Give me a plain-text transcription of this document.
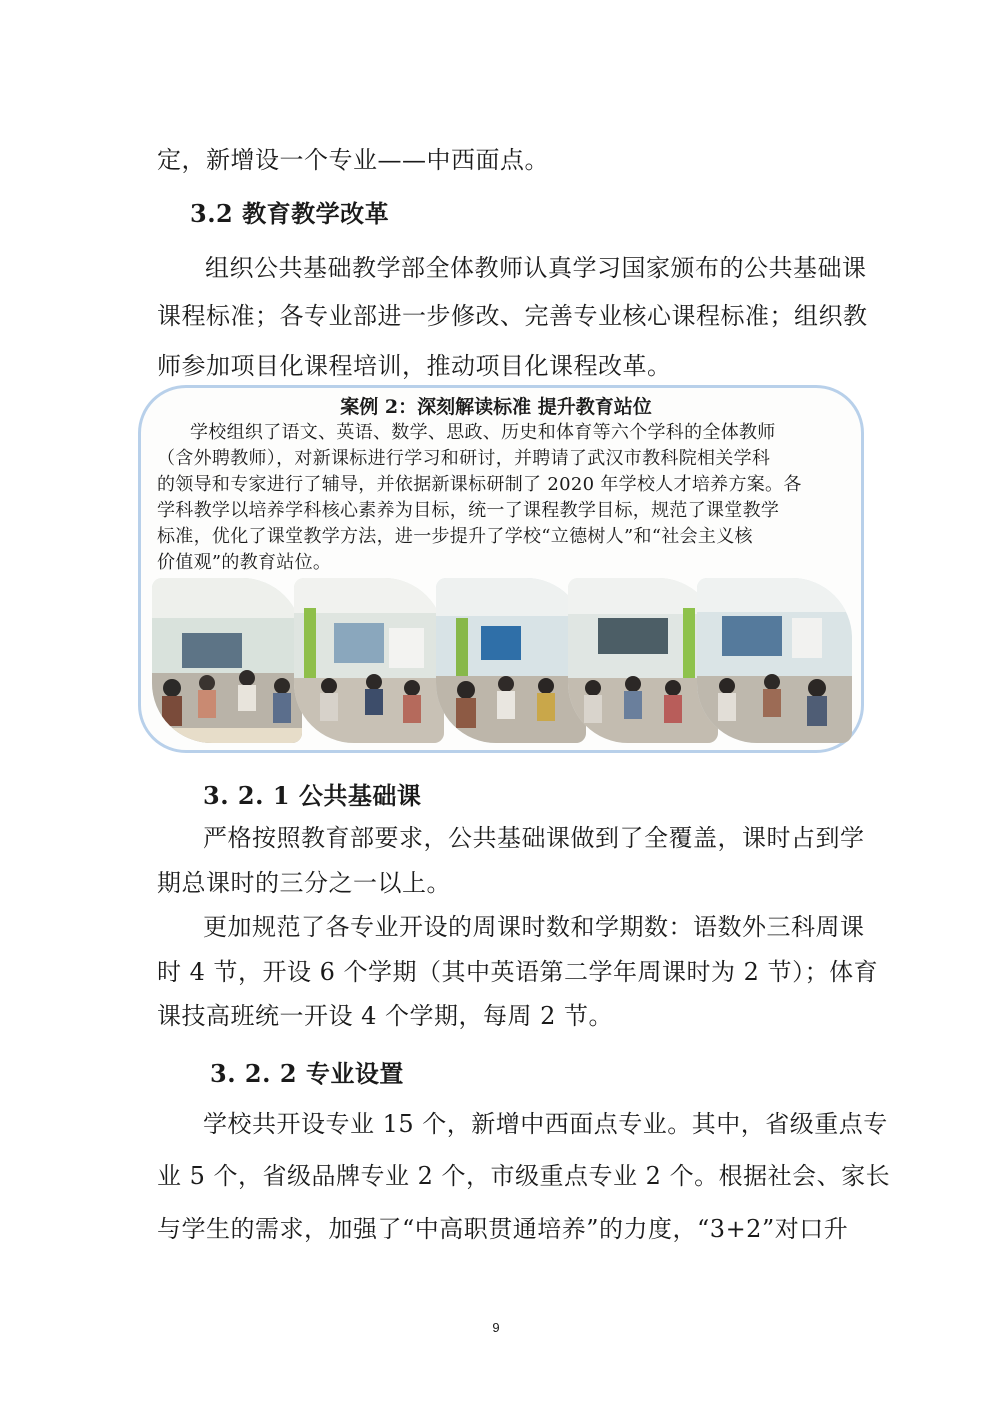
定，新增设一个专业——中西面点。
3.2 教育教学改革
组织公共基础教学部全体教师认真学习国家颁布的公共基础课
课程标准；各专业部进一步修改、完善专业核心课程标准；组织教
师参加项目化课程培训，推动项目化课程改革。
案例 2：深刻解读标准 提升教育站位
学校组织了语文、英语、数学、思政、历史和体育等六个学科的全体教师
（含外聘教师），对新课标进行学习和研讨，并聘请了武汉市教科院相关学科
的领导和专家进行了辅导，并依据新课标研制了 2020 年学校人才培养方案。各
学科教学以培养学科核心素养为目标，统一了课程教学目标，规范了课堂教学
标准，优化了课堂教学方法，进一步提升了学校“立德树人”和“社会主义核
价值观”的教育站位。
3. 2. 1 公共基础课
严格按照教育部要求，公共基础课做到了全覆盖，课时占到学
期总课时的三分之一以上。
更加规范了各专业开设的周课时数和学期数：语数外三科周课
时 4 节，开设 6 个学期（其中英语第二学年周课时为 2 节）；体育
课技高班统一开设 4 个学期，每周 2 节。
3. 2. 2 专业设置
学校共开设专业 15 个，新增中西面点专业。其中，省级重点专
业 5 个，省级品牌专业 2 个，市级重点专业 2 个。根据社会、家长
与学生的需求，加强了“中高职贯通培养”的力度，“3+2”对口升
9
